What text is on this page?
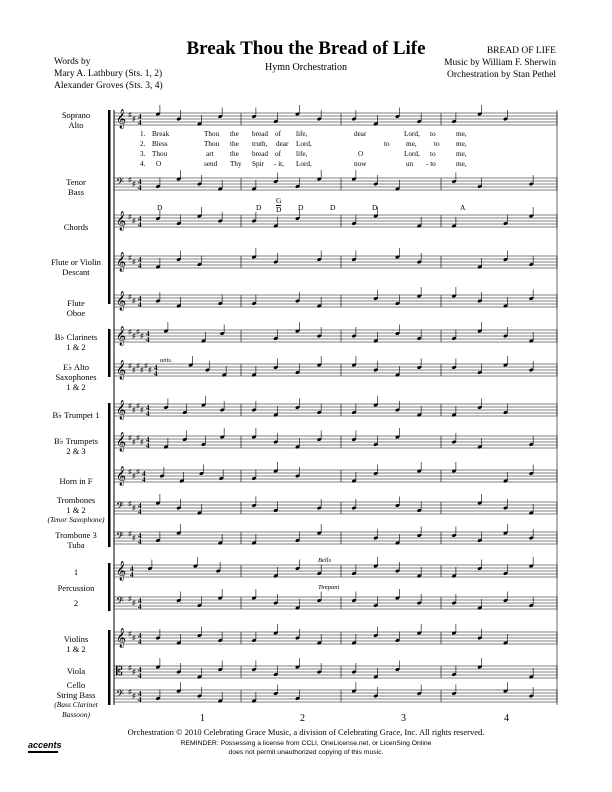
Break Thou the Bread of Life
Hymn Orchestration
Words by
Mary A. Lathbury (Sts. 1, 2)
Alexander Groves (Sts. 3, 4)
BREAD OF LIFE
Music by William F. Sherwin
Orchestration by Stan Pethel
Soprano
Alto
Tenor
Bass
Chords
Flute or Violin
Descant
Flute
Oboe
B♭ Clarinets
1 & 2
E♭ Alto
Saxophones
1 & 2
B♭ Trumpet 1
B♭ Trumpets
2 & 3
Horn in F
Trombones
1 & 2
(Tenor Saxophone)
Trombone 3
Tuba
1
Percussion
2
Violins
1 & 2
Viola
Cello
String Bass
(Bass Clarinet
Bassoon)
1. Break	Thou the bread of life,	dear	Lord, to	me,
2. Bless	Thou the truth, dear Lord,	to me, to me,
3. Thou	art the bread of life,	O	Lord, to	me,
4. O	send Thy Spir - it, Lord,	now	un - to	me,
D	D
G
D D	D	D	A
unis.
Bells
Timpani
𝄞 ♯ ♯ 4
4
𝄢 ♯ ♯ 4
4
𝄞 ♯ ♯ 4
4
𝄞 ♯ ♯ 4
4
𝄞 ♯ ♯ 4
4
𝄞 ♯ ♯ ♯ ♯ 4
4
𝄞 ♯ ♯ ♯ ♯ ♯ ♯ 4
4
𝄞 ♯ ♯ ♯ ♯ 4
4
𝄞 ♯ ♯ ♯ ♯ 4
4
𝄞 ♯ ♯ ♯ 4
4
𝄢 ♯ ♯ 4
4
𝄢 ♯ ♯ 4
4
𝄞 4
4
𝄢 ♯ ♯ 4
4
𝄞 ♯ ♯ 4
4
𝄡 ♯ ♯ 4
4
𝄢 ♯ ♯ 4
4
1	2	3	4
Orchestration © 2010 Celebrating Grace Music, a division of Celebrating Grace, Inc. All rights reserved.
REMINDER: Possessing a license from CCLI, OneLicense.net, or LicenSing Online
does not permit unauthorized copying of this music.
accents
